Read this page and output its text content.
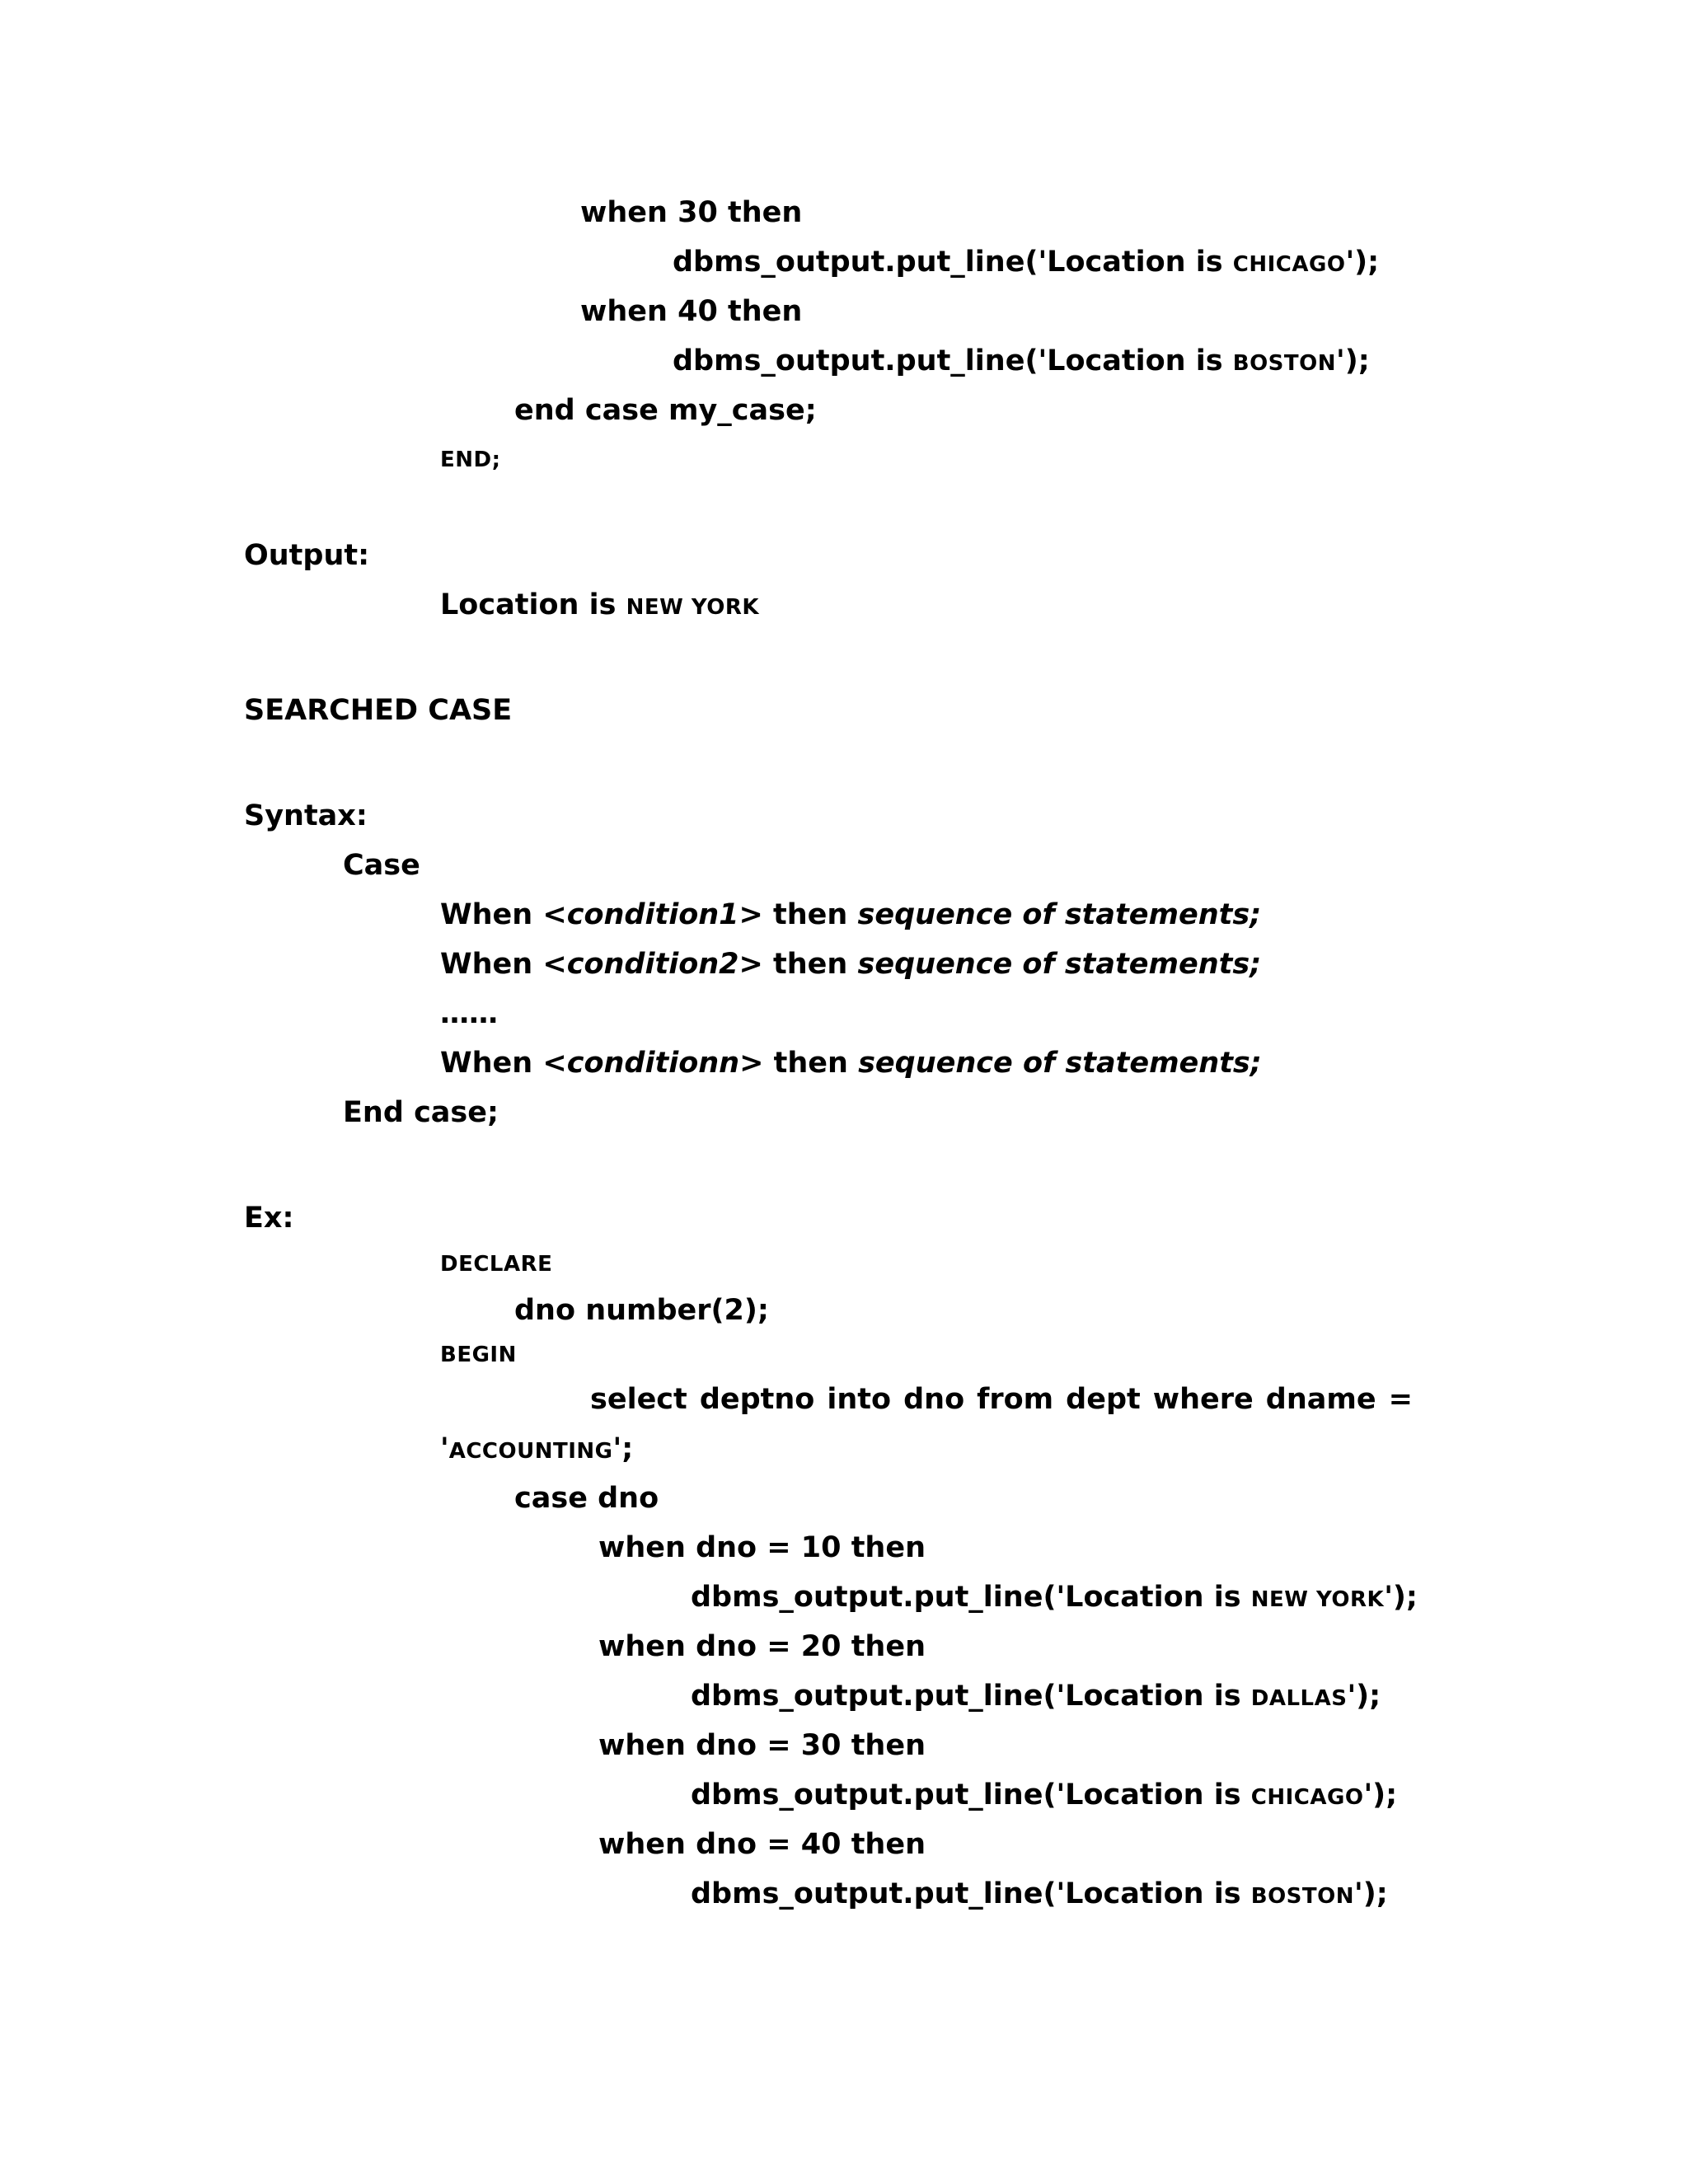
when 30 then
dbms_output.put_line('Location is CHICAGO');
when 40 then
dbms_output.put_line('Location is BOSTON');
end case my_case;
END;
Output:
Location is NEW YORK
SEARCHED CASE
Syntax:
Case
When <condition1> then sequence of statements;
When <condition2> then sequence of statements;
……
When <conditionn> then sequence of statements;
End case;
Ex:
DECLARE
dno number(2);
BEGIN
select deptno into dno from dept where dname =
'ACCOUNTING';
case dno
when dno = 10 then
dbms_output.put_line('Location is NEW YORK');
when dno = 20 then
dbms_output.put_line('Location is DALLAS');
when dno = 30 then
dbms_output.put_line('Location is CHICAGO');
when dno = 40 then
dbms_output.put_line('Location is BOSTON');
